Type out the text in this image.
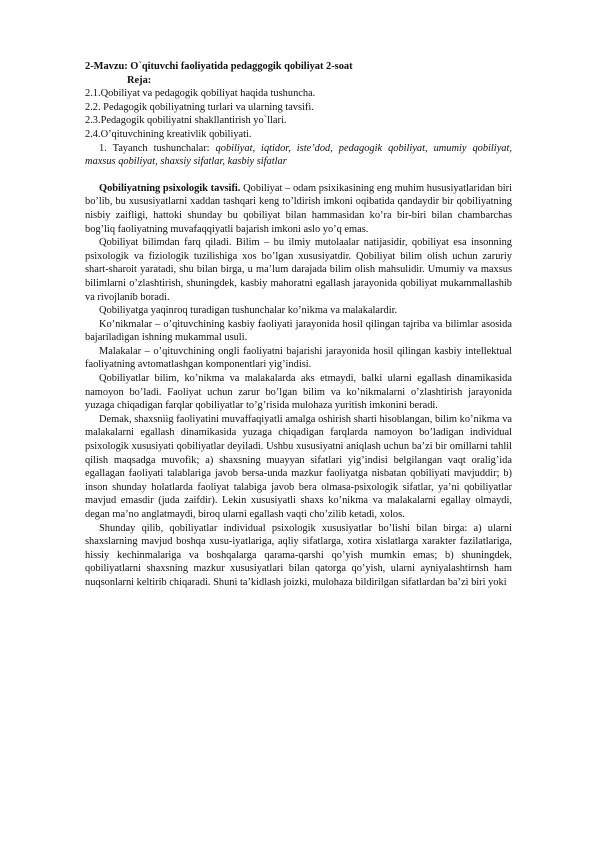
2-Mavzu: O`qituvchi faoliyatida pedaggogik qobiliyat 2-soat

Reja:

2.1.Qobiliyat va pedagogik qobiliyat haqida tushuncha.

2.2. Pedagogik qobiliyatning turlari va ularning tavsifi.

2.3.Pedagogik qobiliyatni shakllantirish yo`llari.

2.4.O’qituvchining kreativlik qobiliyati.

1. Tayanch tushunchalar: qobiliyat, iqtidor, iste’dod, pedagogik qobiliyat, umumiy qobiliyat, maxsus qobiliyat, shaxsiy sifatlar, kasbiy sifatlar

Qobiliyatning psixologik tavsifi. Qobiliyat – odam psixikasining eng muhim hususiyatlaridan biri bo’lib, bu xususiyatlarni xaddan tashqari keng to’ldirish imkoni oqibatida qandaydir bir qobiliyatning nisbiy zaifligi, hattoki shunday bu qobiliyat bilan hammasidan ko’ra bir-biri bilan chambarchas bog’liq faoliyatning muvafaqqiyatli bajarish imkoni aslo yo’q emas.

Qobiliyat bilimdan farq qiladi. Bilim – bu ilmiy mutolaalar natijasidir, qobiliyat esa insonning psixologik va fiziologik tuzilishiga xos bo’lgan xususiyatdir. Qobiliyat bilim olish uchun zaruriy shart-sharoit yaratadi, shu bilan birga, u ma’lum darajada bilim olish mahsulidir. Umumiy va maxsus bilimlarni o’zlashtirish, shuningdek, kasbiy mahoratni egallash jarayonida qobiliyat mukammallashib va rivojlanib boradi.

Qobiliyatga yaqinroq turadigan tushunchalar ko’nikma va malakalardir.

Ko’nikmalar – o’qituvchining kasbiy faoliyati jarayonida hosil qilingan tajriba va bilimlar asosida bajariladigan ishning mukammal usuli.

Malakalar – o’qituvchining ongli faoliyatni bajarishi jarayonida hosil qilingan kasbiy intellektual faoliyatning avtomatlashgan komponentlari yig’indisi.

Qobiliyatlar bilim, ko’nikma va malakalarda aks etmaydi, balki ularni egallash dinamikasida namoyon bo’ladi. Faoliyat uchun zarur bo’lgan bilim va ko’nikmalarni o’zlashtirish jarayonida yuzaga chiqadigan farqlar qobiliyatlar to’g’risida mulohaza yuritish imkonini beradi.

Demak, shaxsniig faoliyatini muvaffaqiyatli amalga oshirish sharti hisoblangan, bilim ko’nikma va malakalarni egallash dinamikasida yuzaga chiqadigan farqlarda namoyon bo’ladigan individual psixologik xususiyati qobiliyatlar deyiladi. Ushbu xususiyatni aniqlash uchun ba’zi bir omillarni tahlil qilish maqsadga muvofik; a) shaxsning muayyan sifatlari yig’indisi belgilangan vaqt oralig’ida egallagan faoliyati talablariga javob bersa-unda mazkur faoliyatga nisbatan qobiliyati mavjuddir; b) inson shunday holatlarda faoliyat talabiga javob bera olmasa-psixologik sifatlar, ya’ni qobiliyatlar mavjud emasdir (juda zaifdir). Lekin xususiyatli shaxs ko’nikma va malakalarni egallay olmaydi, degan ma’no anglatmaydi, biroq ularni egallash vaqti cho’zilib ketadi, xolos.

Shunday qilib, qobiliyatlar individual psixologik xususiyatlar bo’lishi bilan birga: a) ularni shaxslarning mavjud boshqa xusu-iyatlariga, aqliy sifatlarga, xotira xislatlarga xarakter fazilatlariga, hissiy kechinmalariga va boshqalarga qarama-qarshi qo’yish mumkin emas; b) shuningdek, qobiliyatlarni shaxsning mazkur xususiyatlari bilan qatorga qo’yish, ularni ayniyalashtirnsh ham nuqsonlarni keltirib chiqaradi. Shuni ta’kidlash joizki, mulohaza bildirilgan sifatlardan ba’zi biri yoki
